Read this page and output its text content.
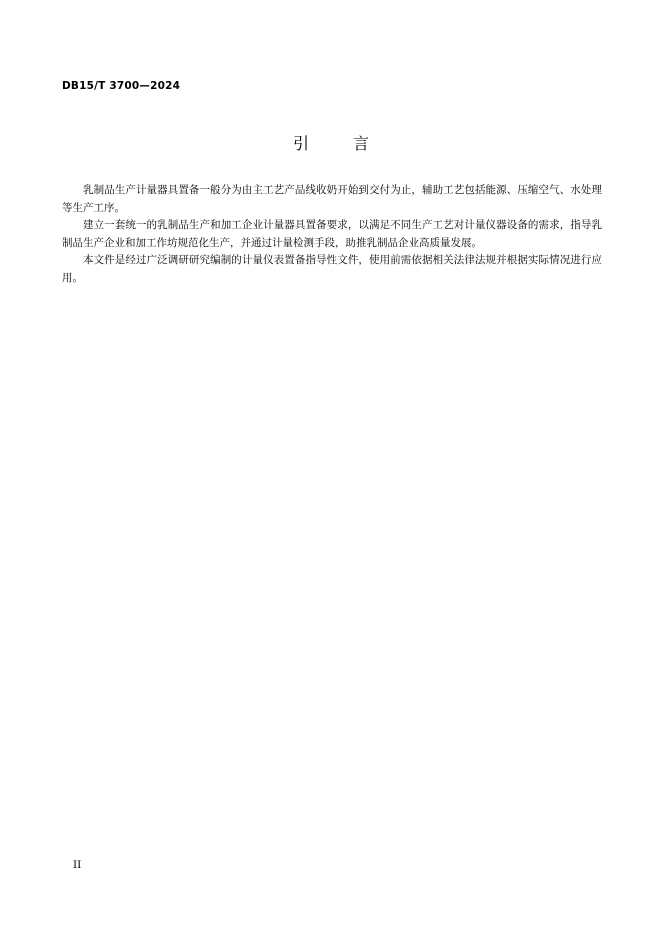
DB15/T 3700—2024
引	言

乳制品生产计量器具置备一般分为由主工艺产品线收奶开始到交付为止，辅助工艺包括能源、压缩空气、水处理等生产工序。

建立一套统一的乳制品生产和加工企业计量器具置备要求，以满足不同生产工艺对计量仪器设备的需求，指导乳制品生产企业和加工作坊规范化生产，并通过计量检测手段，助推乳制品企业高质量发展。

本文件是经过广泛调研研究编制的计量仪表置备指导性文件，使用前需依据相关法律法规并根据实际情况进行应用。

II
